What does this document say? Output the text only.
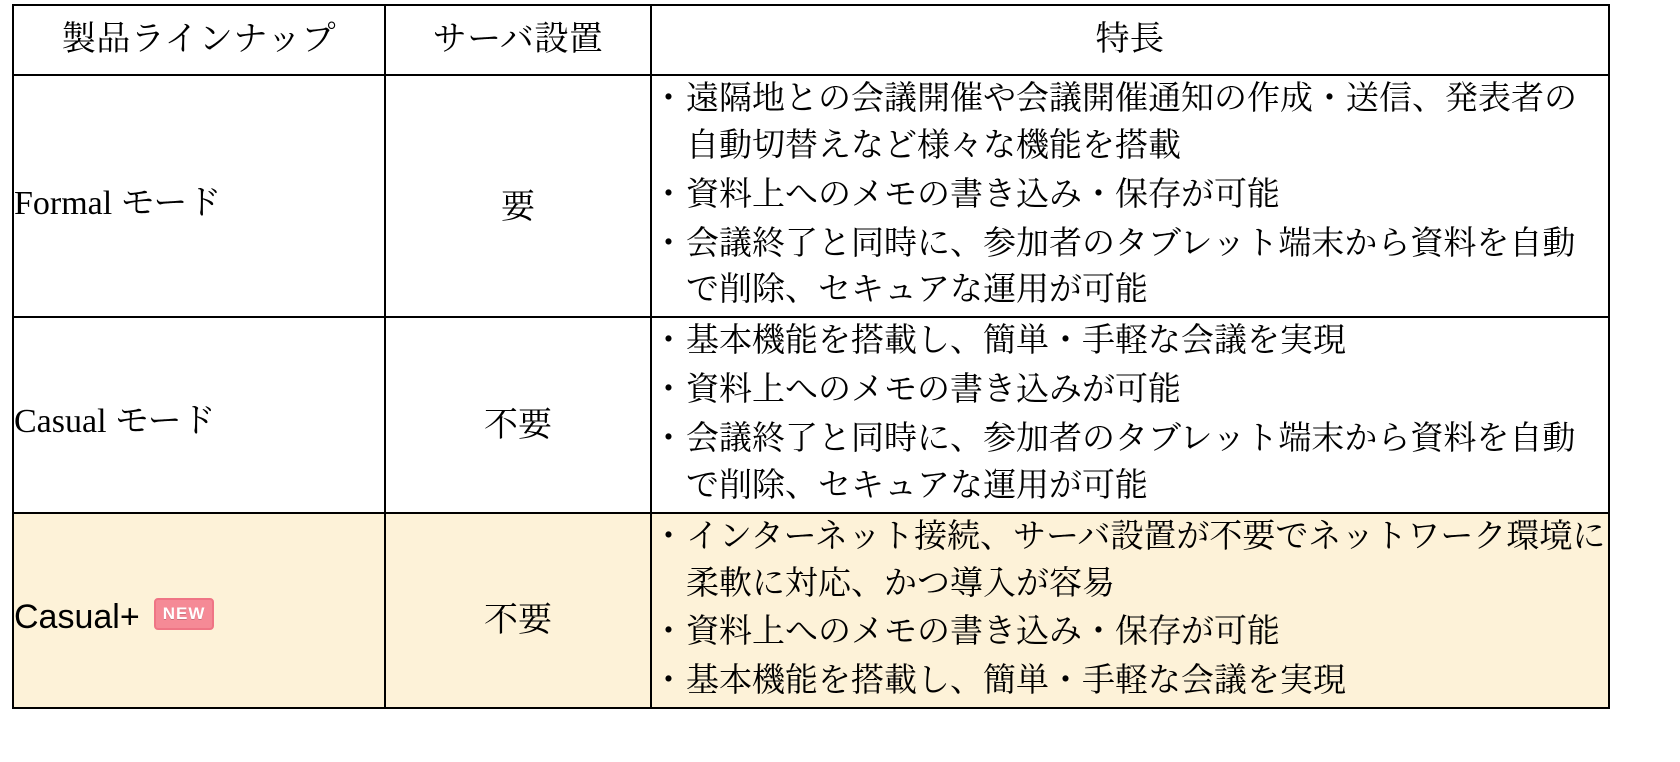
製品ラインナップ	サーバ設置	特長
Formal モード	要	
・ 遠隔地との会議開催や会議開催通知の作成・送信、発表者の自動切替えなど様々な機能を搭載
・ 資料上へのメモの書き込み・保存が可能
・ 会議終了と同時に、参加者のタブレット端末から資料を自動で削除、セキュアな運用が可能

Casual モード	不要	
・ 基本機能を搭載し、簡単・手軽な会議を実現
・ 資料上へのメモの書き込みが可能
・ 会議終了と同時に、参加者のタブレット端末から資料を自動で削除、セキュアな運用が可能

Casual+ NEW	不要	
・ インターネット接続、サーバ設置が不要でネットワーク環境に柔軟に対応、かつ導入が容易
・ 資料上へのメモの書き込み・保存が可能
・ 基本機能を搭載し、簡単・手軽な会議を実現
